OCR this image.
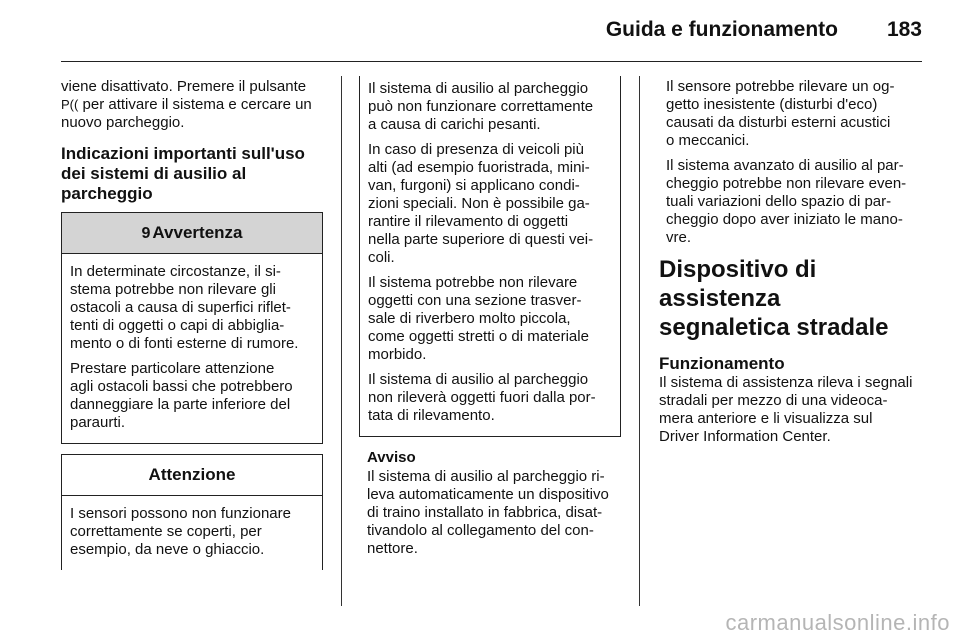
Guida e funzionamento 183

viene disattivato. Premere il pulsante
P(( per attivare il sistema e cercare un
nuovo parcheggio.

Indicazioni importanti sull'uso
dei sistemi di ausilio al
parcheggio
9 Avvertenza

In determinate circostanze, il si-
stema potrebbe non rilevare gli
ostacoli a causa di superfici riflet-
tenti di oggetti o capi di abbiglia-
mento o di fonti esterne di rumore.

Prestare particolare attenzione
agli ostacoli bassi che potrebbero
danneggiare la parte inferiore del
paraurti.

Attenzione

I sensori possono non funzionare
correttamente se coperti, per
esempio, da neve o ghiaccio.

Il sistema di ausilio al parcheggio
può non funzionare correttamente
a causa di carichi pesanti.

In caso di presenza di veicoli più
alti (ad esempio fuoristrada, mini-
van, furgoni) si applicano condi-
zioni speciali. Non è possibile ga-
rantire il rilevamento di oggetti
nella parte superiore di questi vei-
coli.

Il sistema potrebbe non rilevare
oggetti con una sezione trasver-
sale di riverbero molto piccola,
come oggetti stretti o di materiale
morbido.

Il sistema di ausilio al parcheggio
non rileverà oggetti fuori dalla por-
tata di rilevamento.

Avviso

Il sistema di ausilio al parcheggio ri-
leva automaticamente un dispositivo
di traino installato in fabbrica, disat-
tivandolo al collegamento del con-
nettore.

Il sensore potrebbe rilevare un og-
getto inesistente (disturbi d'eco)
causati da disturbi esterni acustici
o meccanici.

Il sistema avanzato di ausilio al par-
cheggio potrebbe non rilevare even-
tuali variazioni dello spazio di par-
cheggio dopo aver iniziato le mano-
vre.

Dispositivo di assistenza
segnaletica stradale
Funzionamento

Il sistema di assistenza rileva i segnali
stradali per mezzo di una videoca-
mera anteriore e li visualizza sul
Driver Information Center.

carmanualsonline.info
